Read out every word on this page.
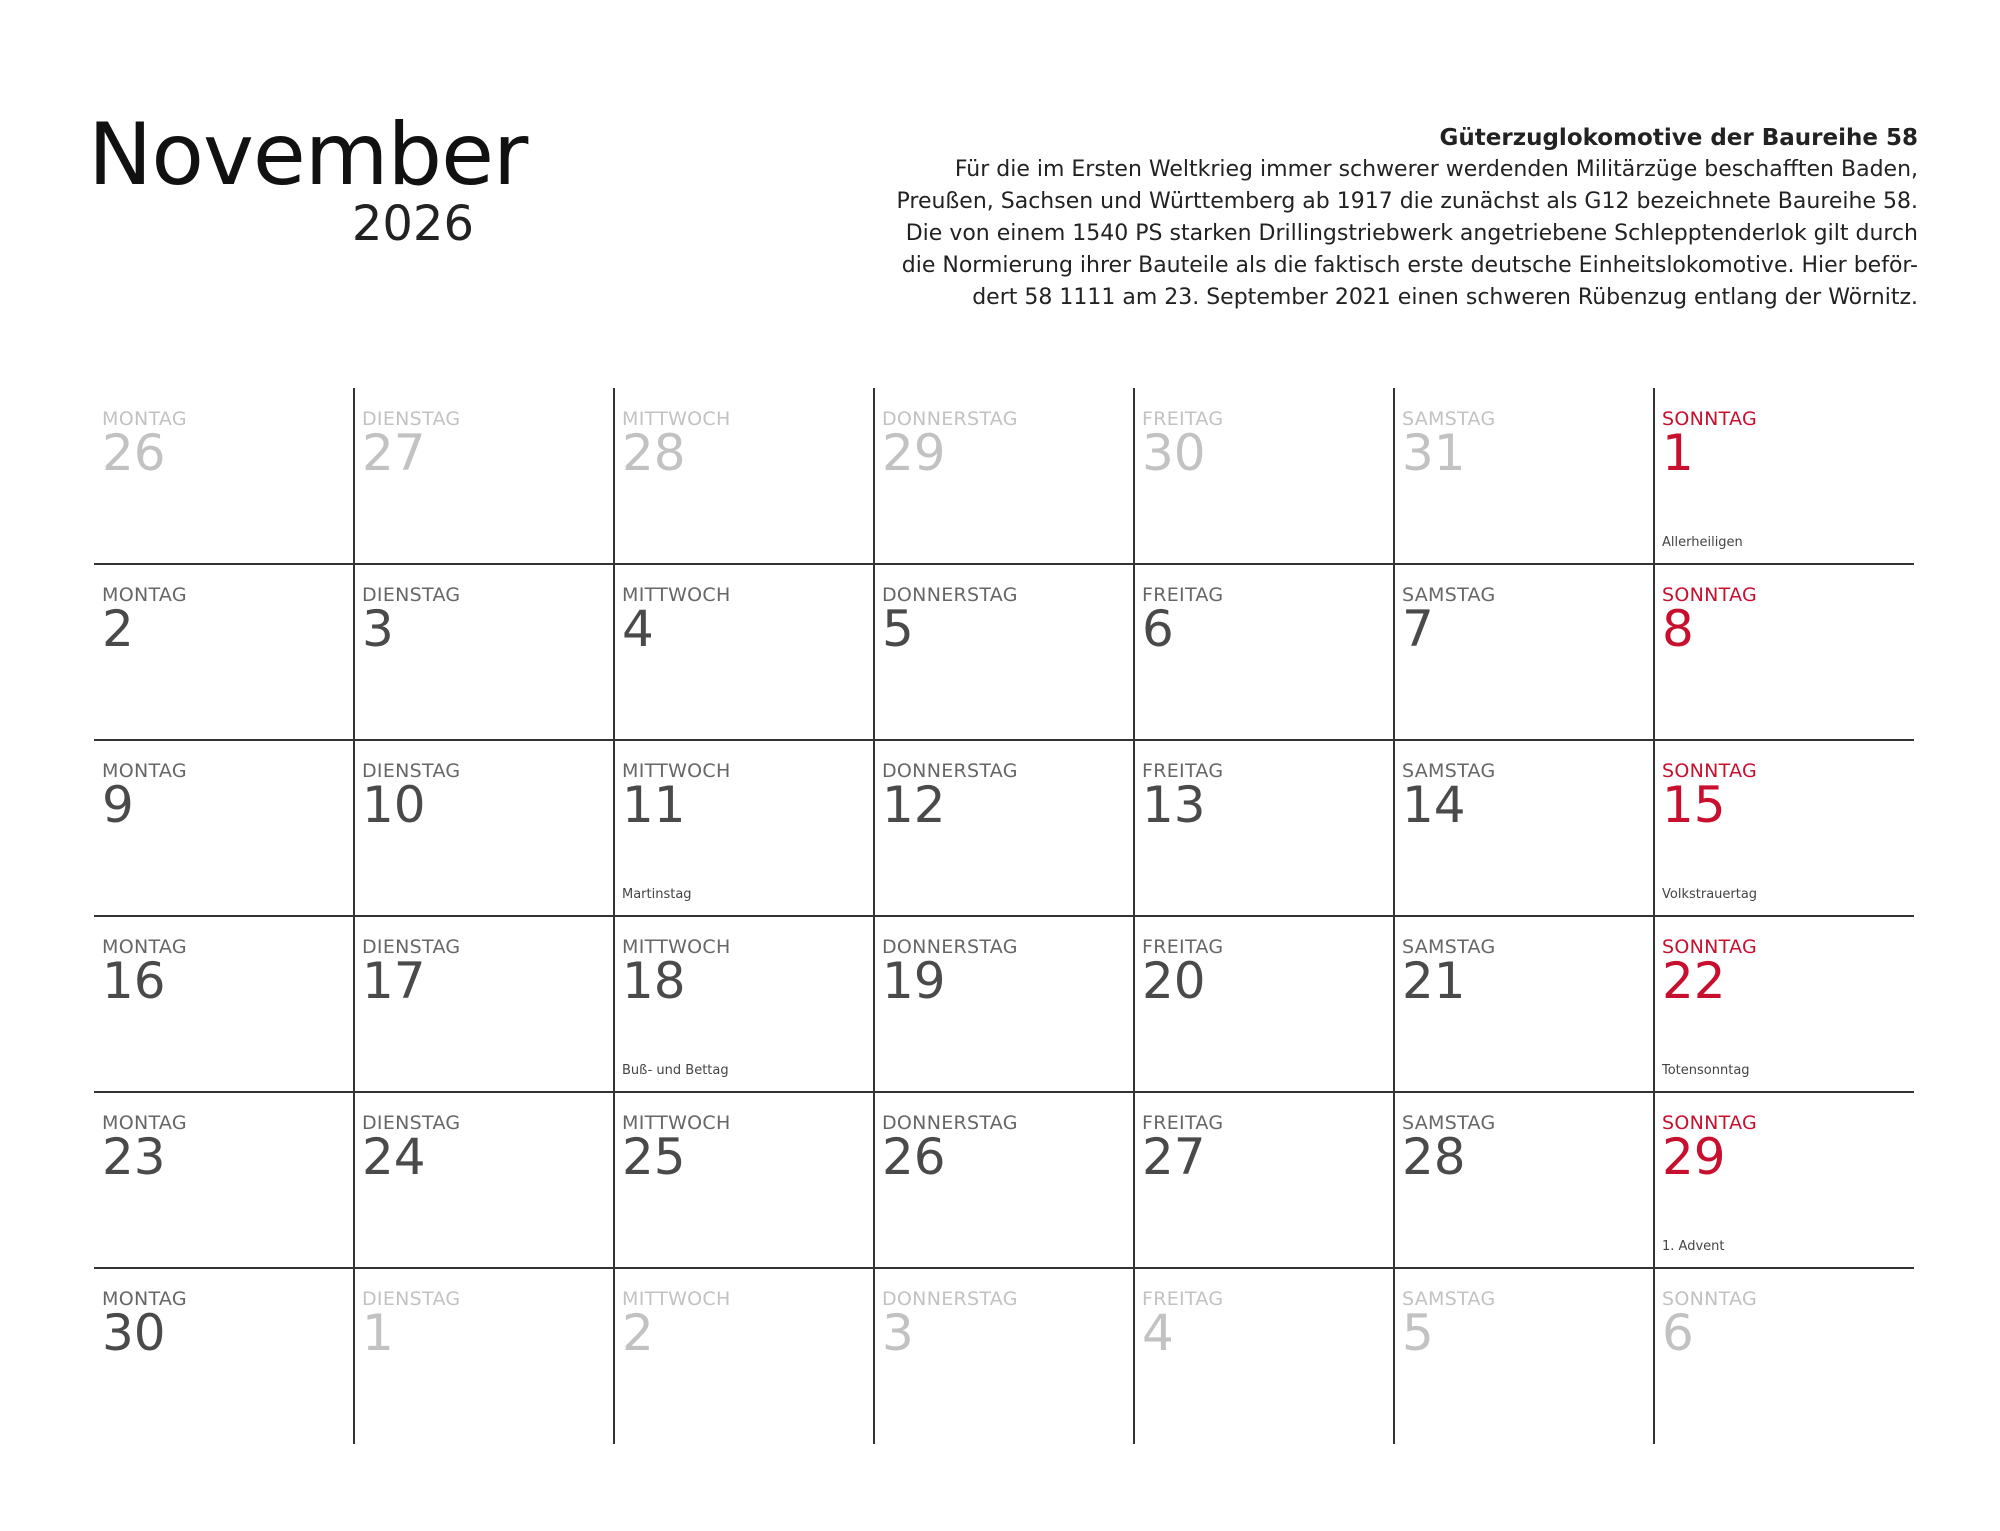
November
2026
Güterzuglokomotive der Baureihe 58
Für die im Ersten Weltkrieg immer schwerer werdenden Militärzüge beschafften Baden,
Preußen, Sachsen und Württemberg ab 1917 die zunächst als G12 bezeichnete Baureihe 58.
Die von einem 1540 PS starken Drillingstriebwerk angetriebene Schlepptenderlok gilt durch
die Normierung ihrer Bauteile als die faktisch erste deutsche Einheitslokomotive. Hier beför-
dert 58 1111 am 23. September 2021 einen schweren Rübenzug entlang der Wörnitz.
MONTAG
26
DIENSTAG
27
MITTWOCH
28
DONNERSTAG
29
FREITAG
30
SAMSTAG
31
SONNTAG
1
Allerheiligen
MONTAG
2
DIENSTAG
3
MITTWOCH
4
DONNERSTAG
5
FREITAG
6
SAMSTAG
7
SONNTAG
8
MONTAG
9
DIENSTAG
10
MITTWOCH
11
Martinstag
DONNERSTAG
12
FREITAG
13
SAMSTAG
14
SONNTAG
15
Volkstrauertag
MONTAG
16
DIENSTAG
17
MITTWOCH
18
Buß- und Bettag
DONNERSTAG
19
FREITAG
20
SAMSTAG
21
SONNTAG
22
Totensonntag
MONTAG
23
DIENSTAG
24
MITTWOCH
25
DONNERSTAG
26
FREITAG
27
SAMSTAG
28
SONNTAG
29
1. Advent
MONTAG
30
DIENSTAG
1
MITTWOCH
2
DONNERSTAG
3
FREITAG
4
SAMSTAG
5
SONNTAG
6
